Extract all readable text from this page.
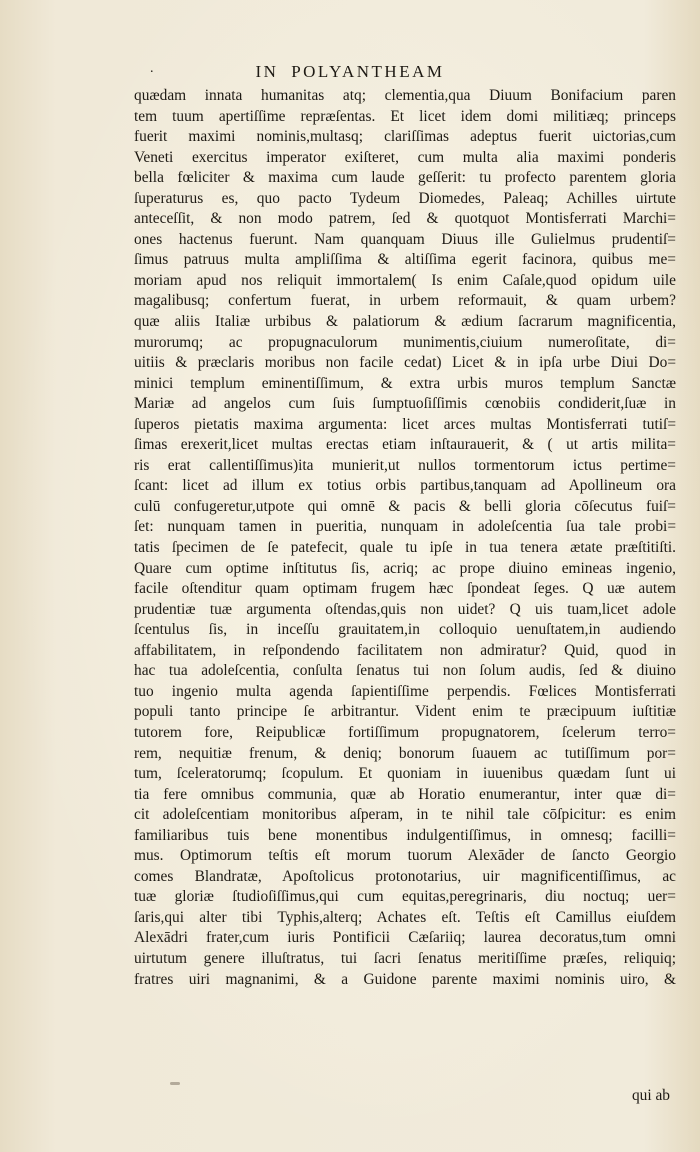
.	IN POLYANTHEAM
quædam innata humanitas atq; clementia,qua Diuum Bonifacium paren
tem tuum apertiſſime repræſentas. Et licet idem domi militiæq; princeps
fuerit maximi nominis,multasq; clariſſimas adeptus fuerit uictorias,cum
Veneti exercitus imperator exiſteret, cum multa alia maximi ponderis
bella fœliciter & maxima cum laude geſſerit: tu profecto parentem gloria
ſuperaturus es, quo pacto Tydeum Diomedes, Paleaq; Achilles uirtute
anteceſſit, & non modo patrem, ſed & quotquot Montisferrati Marchi=
ones hactenus fuerunt. Nam quanquam Diuus ille Gulielmus prudentiſ=
ſimus patruus multa ampliſſima & altiſſima egerit facinora, quibus me=
moriam apud nos reliquit immortalem( Is enim Caſale,quod opidum uile
magalibusq; confertum fuerat, in urbem reformauit, & quam urbem?
quæ aliis Italiæ urbibus & palatiorum & ædium ſacrarum magnificentia,
murorumq; ac propugnaculorum munimentis,ciuium numeroſitate, di=
uitiis & præclaris moribus non facile cedat) Licet & in ipſa urbe Diui Do=
minici templum eminentiſſimum, & extra urbis muros templum Sanctæ
Mariæ ad angelos cum ſuis ſumptuoſiſſimis cœnobiis condiderit,ſuæ in
ſuperos pietatis maxima argumenta: licet arces multas Montisferrati tutiſ=
ſimas erexerit,licet multas erectas etiam inſtaurauerit, & ( ut artis milita=
ris erat callentiſſimus)ita munierit,ut nullos tormentorum ictus pertime=
ſcant: licet ad illum ex totius orbis partibus,tanquam ad Apollineum ora
culū confugeretur,utpote qui omnē & pacis & belli gloria cōſecutus fuiſ=
ſet: nunquam tamen in pueritia, nunquam in adoleſcentia ſua tale probi=
tatis ſpecimen de ſe patefecit, quale tu ipſe in tua tenera ætate præſtitiſti.
Quare cum optime inſtitutus ſis, acriq; ac prope diuino emineas ingenio,
facile oſtenditur quam optimam frugem hæc ſpondeat ſeges. Q uæ autem
prudentiæ tuæ argumenta oſtendas,quis non uidet? Q uis tuam,licet adole
ſcentulus ſis, in inceſſu grauitatem,in colloquio uenuſtatem,in audiendo
affabilitatem, in reſpondendo facilitatem non admiratur? Quid, quod in
hac tua adoleſcentia, conſulta ſenatus tui non ſolum audis, ſed & diuino
tuo ingenio multa agenda ſapientiſſime perpendis. Fœlices Montisferrati
populi tanto principe ſe arbitrantur. Vident enim te præcipuum iuſtitiæ
tutorem fore, Reipublicæ fortiſſimum propugnatorem, ſcelerum terro=
rem, nequitiæ frenum, & deniq; bonorum ſuauem ac tutiſſimum por=
tum, ſceleratorumq; ſcopulum. Et quoniam in iuuenibus quædam ſunt ui
tia fere omnibus communia, quæ ab Horatio enumerantur, inter quæ di=
cit adoleſcentiam monitoribus aſperam, in te nihil tale cōſpicitur: es enim
familiaribus tuis bene monentibus indulgentiſſimus, in omnesq; facilli=
mus. Optimorum teſtis eſt morum tuorum Alexāder de ſancto Georgio
comes Blandratæ, Apoſtolicus protonotarius, uir magnificentiſſimus, ac
tuæ gloriæ ſtudioſiſſimus,qui cum equitas,peregrinaris, diu noctuq; uer=
ſaris,qui alter tibi Typhis,alterq; Achates eſt. Teſtis eſt Camillus eiuſdem
Alexādri frater,cum iuris Pontificii Cæſariiq; laurea decoratus,tum omni
uirtutum genere illuſtratus, tui ſacri ſenatus meritiſſime præſes, reliquiq;
fratres uiri magnanimi, & a Guidone parente maximi nominis uiro, &
qui ab
